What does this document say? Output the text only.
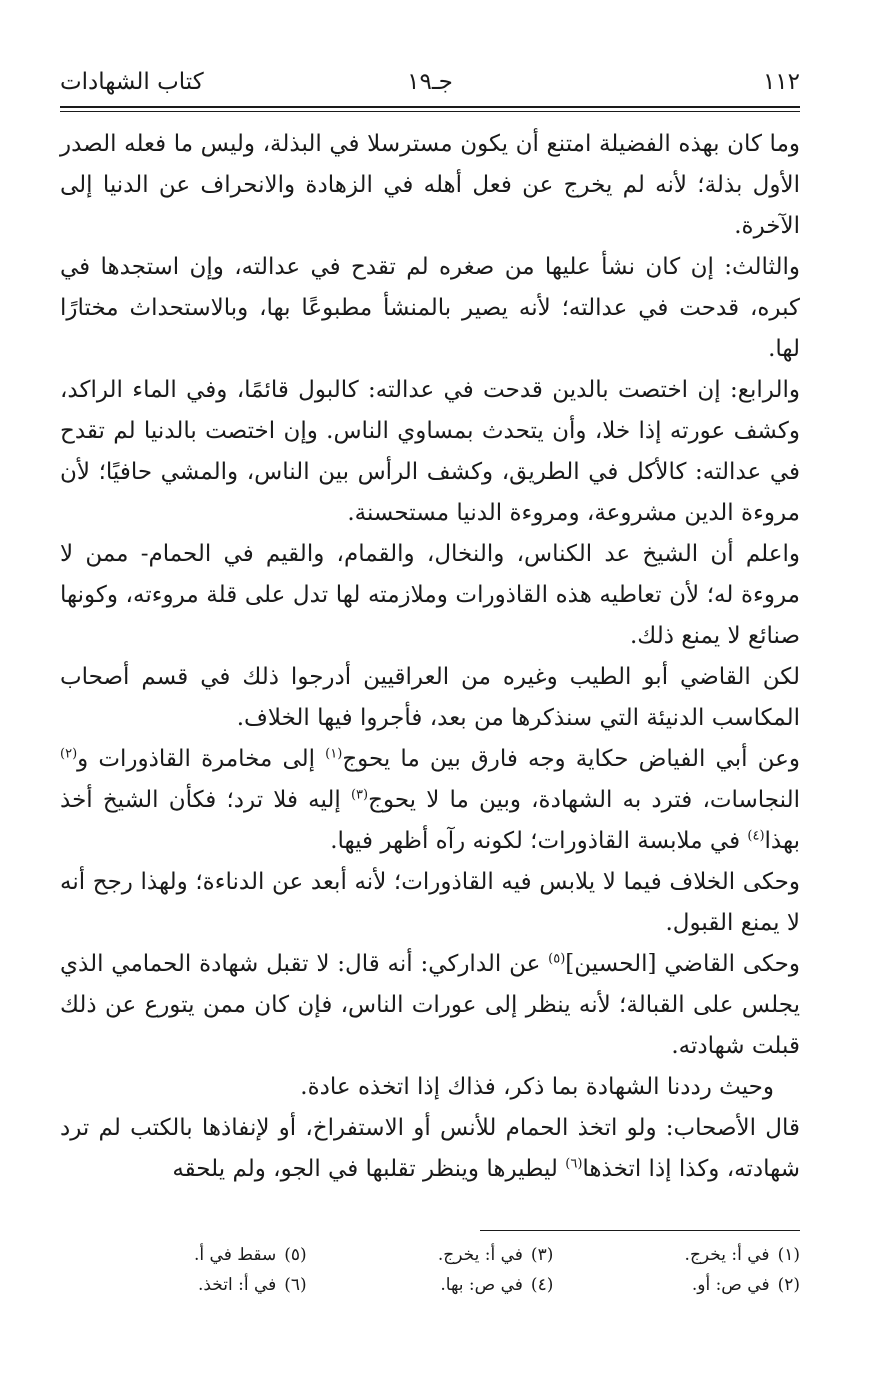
١١٢
جـ١٩
كتاب الشهادات

وما كان بهذه الفضيلة امتنع أن يكون مسترسلا في البذلة، وليس ما فعله الصدر الأول بذلة؛ لأنه لم يخرج عن فعل أهله في الزهادة والانحراف عن الدنيا إلى الآخرة.

والثالث: إن كان نشأ عليها من صغره لم تقدح في عدالته، وإن استجدها في كبره، قدحت في عدالته؛ لأنه يصير بالمنشأ مطبوعًا بها، وبالاستحداث مختارًا لها.

والرابع: إن اختصت بالدين قدحت في عدالته: كالبول قائمًا، وفي الماء الراكد، وكشف عورته إذا خلا، وأن يتحدث بمساوي الناس. وإن اختصت بالدنيا لم تقدح في عدالته: كالأكل في الطريق، وكشف الرأس بين الناس، والمشي حافيًا؛ لأن مروءة الدين مشروعة، ومروءة الدنيا مستحسنة.

واعلم أن الشيخ عد الكناس، والنخال، والقمام، والقيم في الحمام- ممن لا مروءة له؛ لأن تعاطيه هذه القاذورات وملازمته لها تدل على قلة مروءته، وكونها صنائع لا يمنع ذلك.

لكن القاضي أبو الطيب وغيره من العراقيين أدرجوا ذلك في قسم أصحاب المكاسب الدنيئة التي سنذكرها من بعد، فأجروا فيها الخلاف.

وعن أبي الفياض حكاية وجه فارق بين ما يحوج$^{(١)}$ إلى مخامرة القاذورات و$^{(٢)}$ النجاسات، فترد به الشهادة، وبين ما لا يحوج$^{(٣)}$ إليه فلا ترد؛ فكأن الشيخ أخذ بهذا$^{(٤)}$ في ملابسة القاذورات؛ لكونه رآه أظهر فيها.

وحكى الخلاف فيما لا يلابس فيه القاذورات؛ لأنه أبعد عن الدناءة؛ ولهذا رجح أنه لا يمنع القبول.

وحكى القاضي [الحسين]$^{(٥)}$ عن الداركي: أنه قال: لا تقبل شهادة الحمامي الذي يجلس على القبالة؛ لأنه ينظر إلى عورات الناس، فإن كان ممن يتورع عن ذلك قبلت شهادته.

وحيث رددنا الشهادة بما ذكر، فذاك إذا اتخذه عادة.

قال الأصحاب: ولو اتخذ الحمام للأنس أو الاستفراخ، أو لإنفاذها بالكتب لم ترد شهادته، وكذا إذا اتخذها$^{(٦)}$ ليطيرها وينظر تقلبها في الجو، ولم يلحقه

(١)في أ: يخرج.
(٣)في أ: يخرج.
(٥)سقط في أ.
(٢)في ص: أو.
(٤)في ص: بها.
(٦)في أ: اتخذ.
